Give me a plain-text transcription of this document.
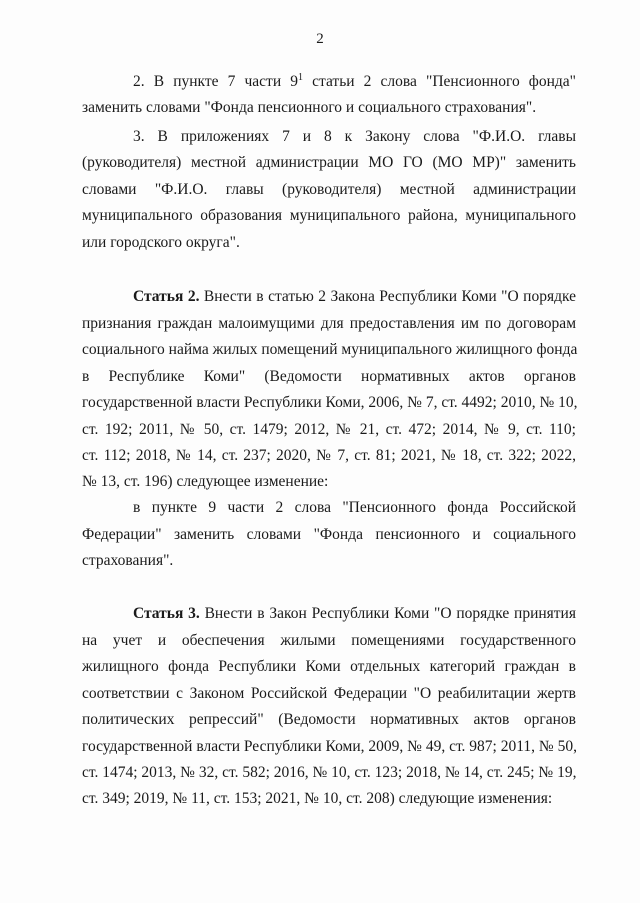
2
2. В пункте 7 части $9^1$ статьи 2 слова "Пенсионного фонда"
заменить словами "Фонда пенсионного и социального страхования".
3. В приложениях 7 и 8 к Закону слова "Ф.И.О. главы
(руководителя) местной администрации МО ГО (МО МР)" заменить
словами "Ф.И.О. главы (руководителя) местной администрации
муниципального образования муниципального района, муниципального
или городского округа".
Статья 2. Внести в статью 2 Закона Республики Коми "О порядке
признания граждан малоимущими для предоставления им по договорам
социального найма жилых помещений муниципального жилищного фонда
в Республике Коми" (Ведомости нормативных актов органов
государственной власти Республики Коми, 2006, № 7, ст. 4492; 2010, № 10,
ст. 192; 2011, № 50, ст. 1479; 2012, № 21, ст. 472; 2014, № 9, ст. 110;
ст. 112; 2018, № 14, ст. 237; 2020, № 7, ст. 81; 2021, № 18, ст. 322; 2022,
№ 13, ст. 196) следующее изменение:
в пункте 9 части 2 слова "Пенсионного фонда Российской
Федерации" заменить словами "Фонда пенсионного и социального
страхования".
Статья 3. Внести в Закон Республики Коми "О порядке принятия
на учет и обеспечения жилыми помещениями государственного
жилищного фонда Республики Коми отдельных категорий граждан в
соответствии с Законом Российской Федерации "О реабилитации жертв
политических репрессий" (Ведомости нормативных актов органов
государственной власти Республики Коми, 2009, № 49, ст. 987; 2011, № 50,
ст. 1474; 2013, № 32, ст. 582; 2016, № 10, ст. 123; 2018, № 14, ст. 245; № 19,
ст. 349; 2019, № 11, ст. 153; 2021, № 10, ст. 208) следующие изменения:
